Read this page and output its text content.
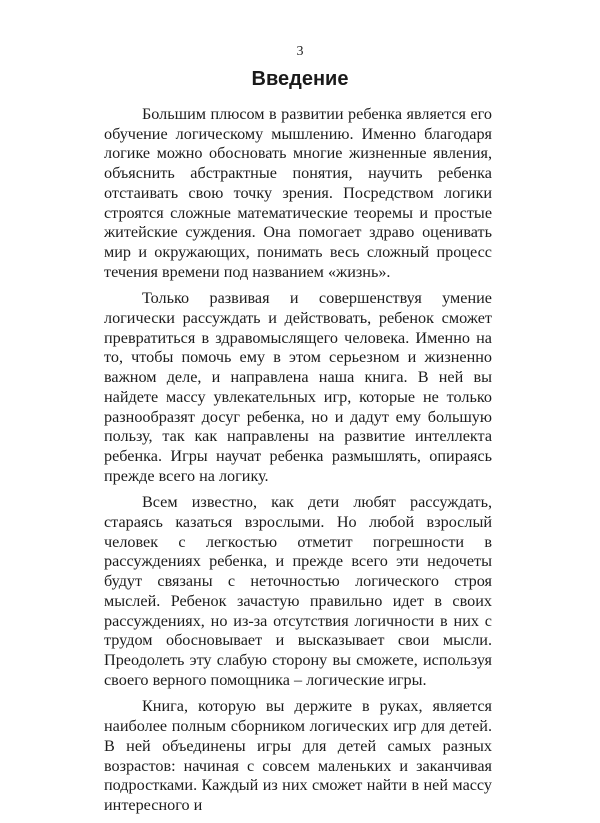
3
Введение

Большим плюсом в развитии ребенка является его обучение логическому мышлению. Именно благодаря логике можно обосновать многие жизненные явления, объяснить абстрактные понятия, научить ребенка отстаивать свою точку зрения. Посредством логики строятся сложные математические теоремы и простые житейские суждения. Она помогает здраво оценивать мир и окружающих, понимать весь сложный процесс течения времени под названием «жизнь».

Только развивая и совершенствуя умение логически рассуждать и действовать, ребенок сможет превратиться в здравомыслящего человека. Именно на то, чтобы помочь ему в этом серьезном и жизненно важном деле, и направлена наша книга. В ней вы найдете массу увлекательных игр, которые не только разнообразят досуг ребенка, но и дадут ему большую пользу, так как направлены на развитие интеллекта ребенка. Игры научат ребенка размышлять, опираясь прежде всего на логику.

Всем известно, как дети любят рассуждать, стараясь казаться взрослыми. Но любой взрослый человек с легкостью отметит погрешности в рассуждениях ребенка, и прежде всего эти недочеты будут связаны с неточностью логического строя мыслей. Ребенок зачастую правильно идет в своих рассуждениях, но из-за отсутствия логичности в них с трудом обосновывает и высказывает свои мысли. Преодолеть эту слабую сторону вы сможете, используя своего верного помощника – логические игры.

Книга, которую вы держите в руках, является наиболее полным сборником логических игр для детей. В ней объединены игры для детей самых разных возрастов: начиная с совсем маленьких и заканчивая подростками. Каждый из них сможет найти в ней массу интересного и
